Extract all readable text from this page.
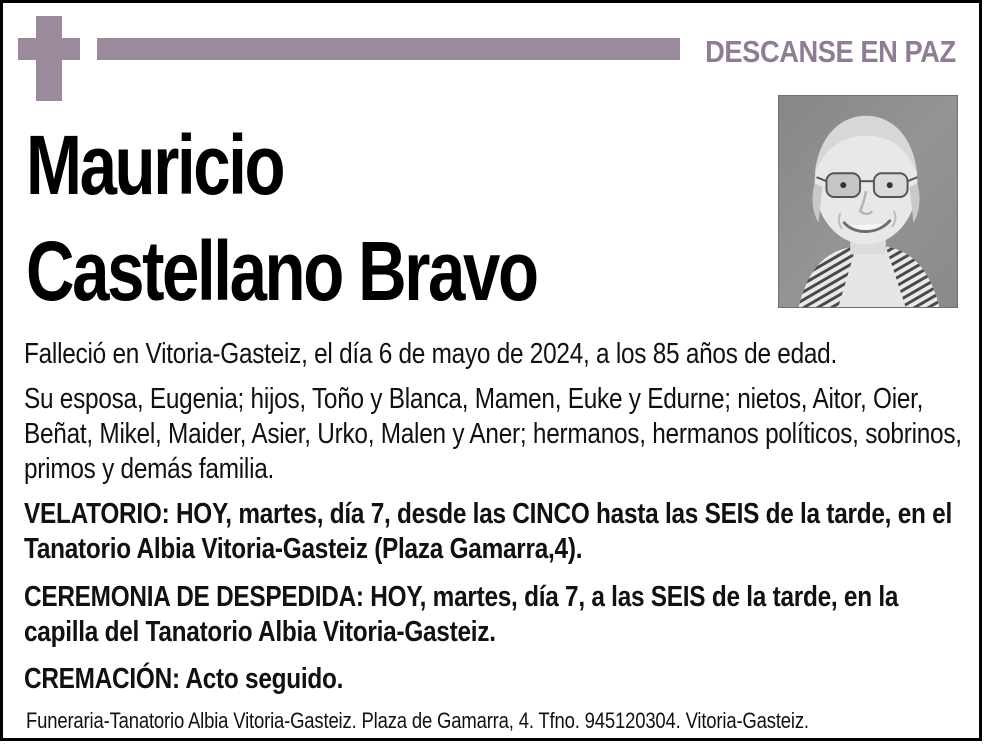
DESCANSE EN PAZ
Mauricio
Castellano Bravo

Falleció en Vitoria-Gasteiz, el día 6 de mayo de 2024, a los 85 años de edad.

Su esposa, Eugenia; hijos, Toño y Blanca, Mamen, Euke y Edurne; nietos, Aitor, Oier, Beñat, Mikel, Maider, Asier, Urko, Malen y Aner; hermanos, hermanos políticos, sobrinos, primos y demás familia.

VELATORIO: HOY, martes, día 7, desde las CINCO hasta las SEIS de la tarde, en el Tanatorio Albia Vitoria-Gasteiz (Plaza Gamarra,4).

CEREMONIA DE DESPEDIDA: HOY, martes, día 7, a las SEIS de la tarde, en la capilla del Tanatorio Albia Vitoria-Gasteiz.

CREMACIÓN: Acto seguido.

Funeraria-Tanatorio Albia Vitoria-Gasteiz. Plaza de Gamarra, 4. Tfno. 945120304. Vitoria-Gasteiz.
